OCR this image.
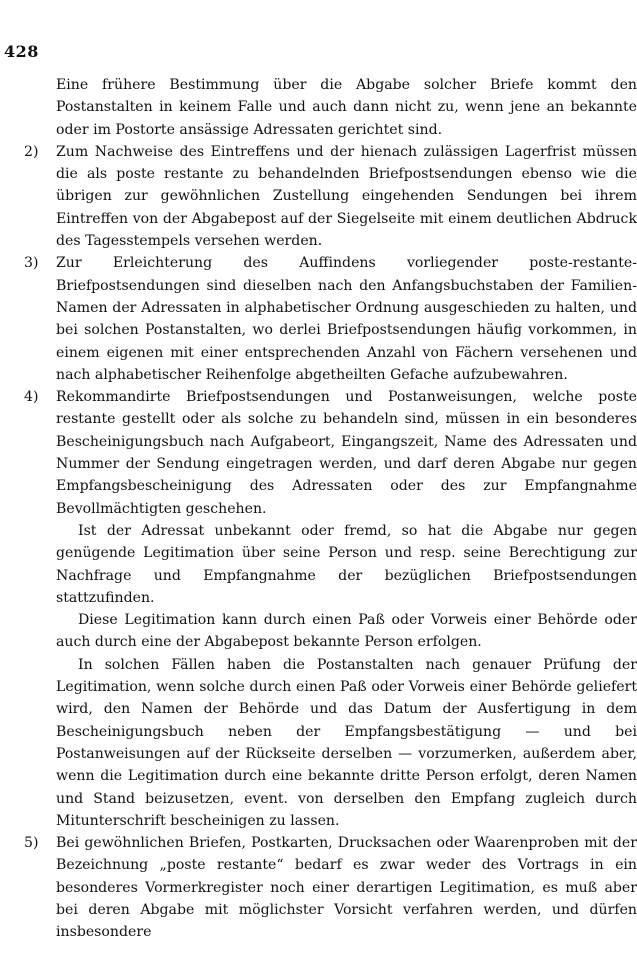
428

Eine frühere Bestimmung über die Abgabe solcher Briefe kommt den Postanstalten in keinem Falle und auch dann nicht zu, wenn jene an bekannte oder im Postorte ansässige Adressaten gerichtet sind.

2) Zum Nachweise des Eintreffens und der hienach zulässigen Lagerfrist müssen die als poste restante zu behandelnden Briefpostsendungen ebenso wie die übrigen zur gewöhnlichen Zustellung eingehenden Sendungen bei ihrem Eintreffen von der Abgabepost auf der Siegelseite mit einem deutlichen Abdruck des Tagesstempels versehen werden.

3) Zur Erleichterung des Auffindens vorliegender poste-restante-Briefpostsendungen sind dieselben nach den Anfangsbuchstaben der Familien-Namen der Adressaten in alphabetischer Ordnung ausgeschieden zu halten, und bei solchen Postanstalten, wo derlei Briefpostsendungen häufig vorkommen, in einem eigenen mit einer entsprechenden Anzahl von Fächern versehenen und nach alphabetischer Reihenfolge abgetheilten Gefache aufzubewahren.

4) Rekommandirte Briefpostsendungen und Postanweisungen, welche poste restante gestellt oder als solche zu behandeln sind, müssen in ein besonderes Bescheinigungsbuch nach Aufgabeort, Eingangszeit, Name des Adressaten und Nummer der Sendung eingetragen werden, und darf deren Abgabe nur gegen Empfangsbescheinigung des Adressaten oder des zur Empfangnahme Bevollmächtigten geschehen.

Ist der Adressat unbekannt oder fremd, so hat die Abgabe nur gegen genügende Legitimation über seine Person und resp. seine Berechtigung zur Nachfrage und Empfangnahme der bezüglichen Briefpostsendungen stattzufinden.

Diese Legitimation kann durch einen Paß oder Vorweis einer Behörde oder auch durch eine der Abgabepost bekannte Person erfolgen.

In solchen Fällen haben die Postanstalten nach genauer Prüfung der Legitimation, wenn solche durch einen Paß oder Vorweis einer Behörde geliefert wird, den Namen der Behörde und das Datum der Ausfertigung in dem Bescheinigungsbuch neben der Empfangsbestätigung — und bei Postanweisungen auf der Rückseite derselben — vorzumerken, außerdem aber, wenn die Legitimation durch eine bekannte dritte Person erfolgt, deren Namen und Stand beizusetzen, event. von derselben den Empfang zugleich durch Mitunterschrift bescheinigen zu lassen.

5) Bei gewöhnlichen Briefen, Postkarten, Drucksachen oder Waarenproben mit der Bezeichnung „poste restante“ bedarf es zwar weder des Vortrags in ein besonderes Vormerkregister noch einer derartigen Legitimation, es muß aber bei deren Abgabe mit möglichster Vorsicht verfahren werden, und dürfen insbesondere
